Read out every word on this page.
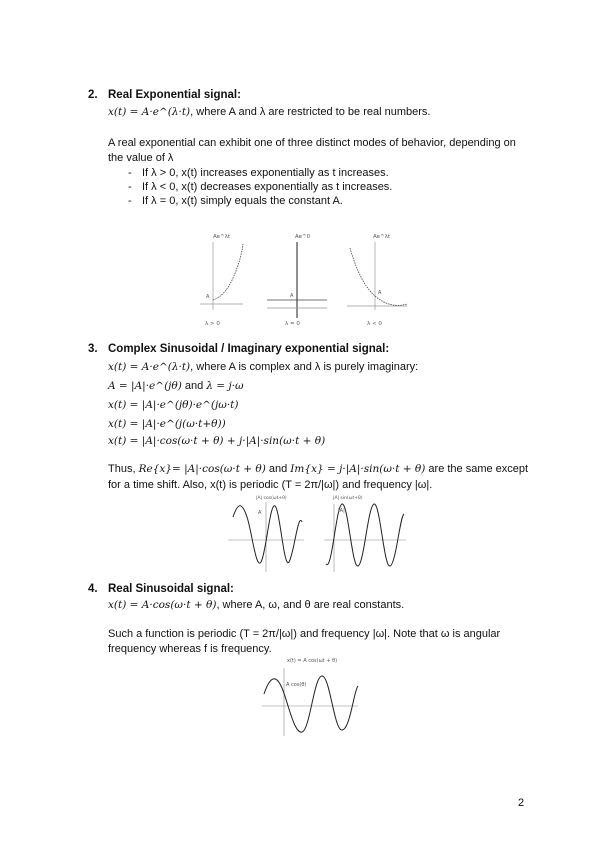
2. Real Exponential signal:
x(t) = A·e^(λ·t), where A and λ are restricted to be real numbers.
A real exponential can exhibit one of three distinct modes of behavior, depending on
the value of λ
- If λ > 0, x(t) increases exponentially as t increases.
- If λ < 0, x(t) decreases exponentially as t increases.
- If λ = 0, x(t) simply equals the constant A.
Ae^λt
A
λ > 0
Ae^0
A
λ = 0
Ae^λt
A
λ < 0
3. Complex Sinusoidal / Imaginary exponential signal:
x(t) = A·e^(λ·t), where A is complex and λ is purely imaginary:
A = |A|·e^(jθ) and λ = j·ω
x(t) = |A|·e^(jθ)·e^(jω·t)
x(t) = |A|·e^(j(ω·t+θ))
x(t) = |A|·cos(ω·t + θ) + j·|A|·sin(ω·t + θ)
Thus, Re{x}= |A|·cos(ω·t + θ) and Im{x} = j·|A|·sin(ω·t + θ) are the same except
for a time shift. Also, x(t) is periodic (T = 2π/|ω|) and frequency |ω|.
|A| cos(ωt+θ)
A
|A| sin(ωt+θ)
|A|
4. Real Sinusoidal signal:
x(t) = A·cos(ω·t + θ), where A, ω, and θ are real constants.
Such a function is periodic (T = 2π/|ω|) and frequency |ω|. Note that ω is angular
frequency whereas f is frequency.
x(t) = A cos(ωt + θ)
A cos(θ)
2
